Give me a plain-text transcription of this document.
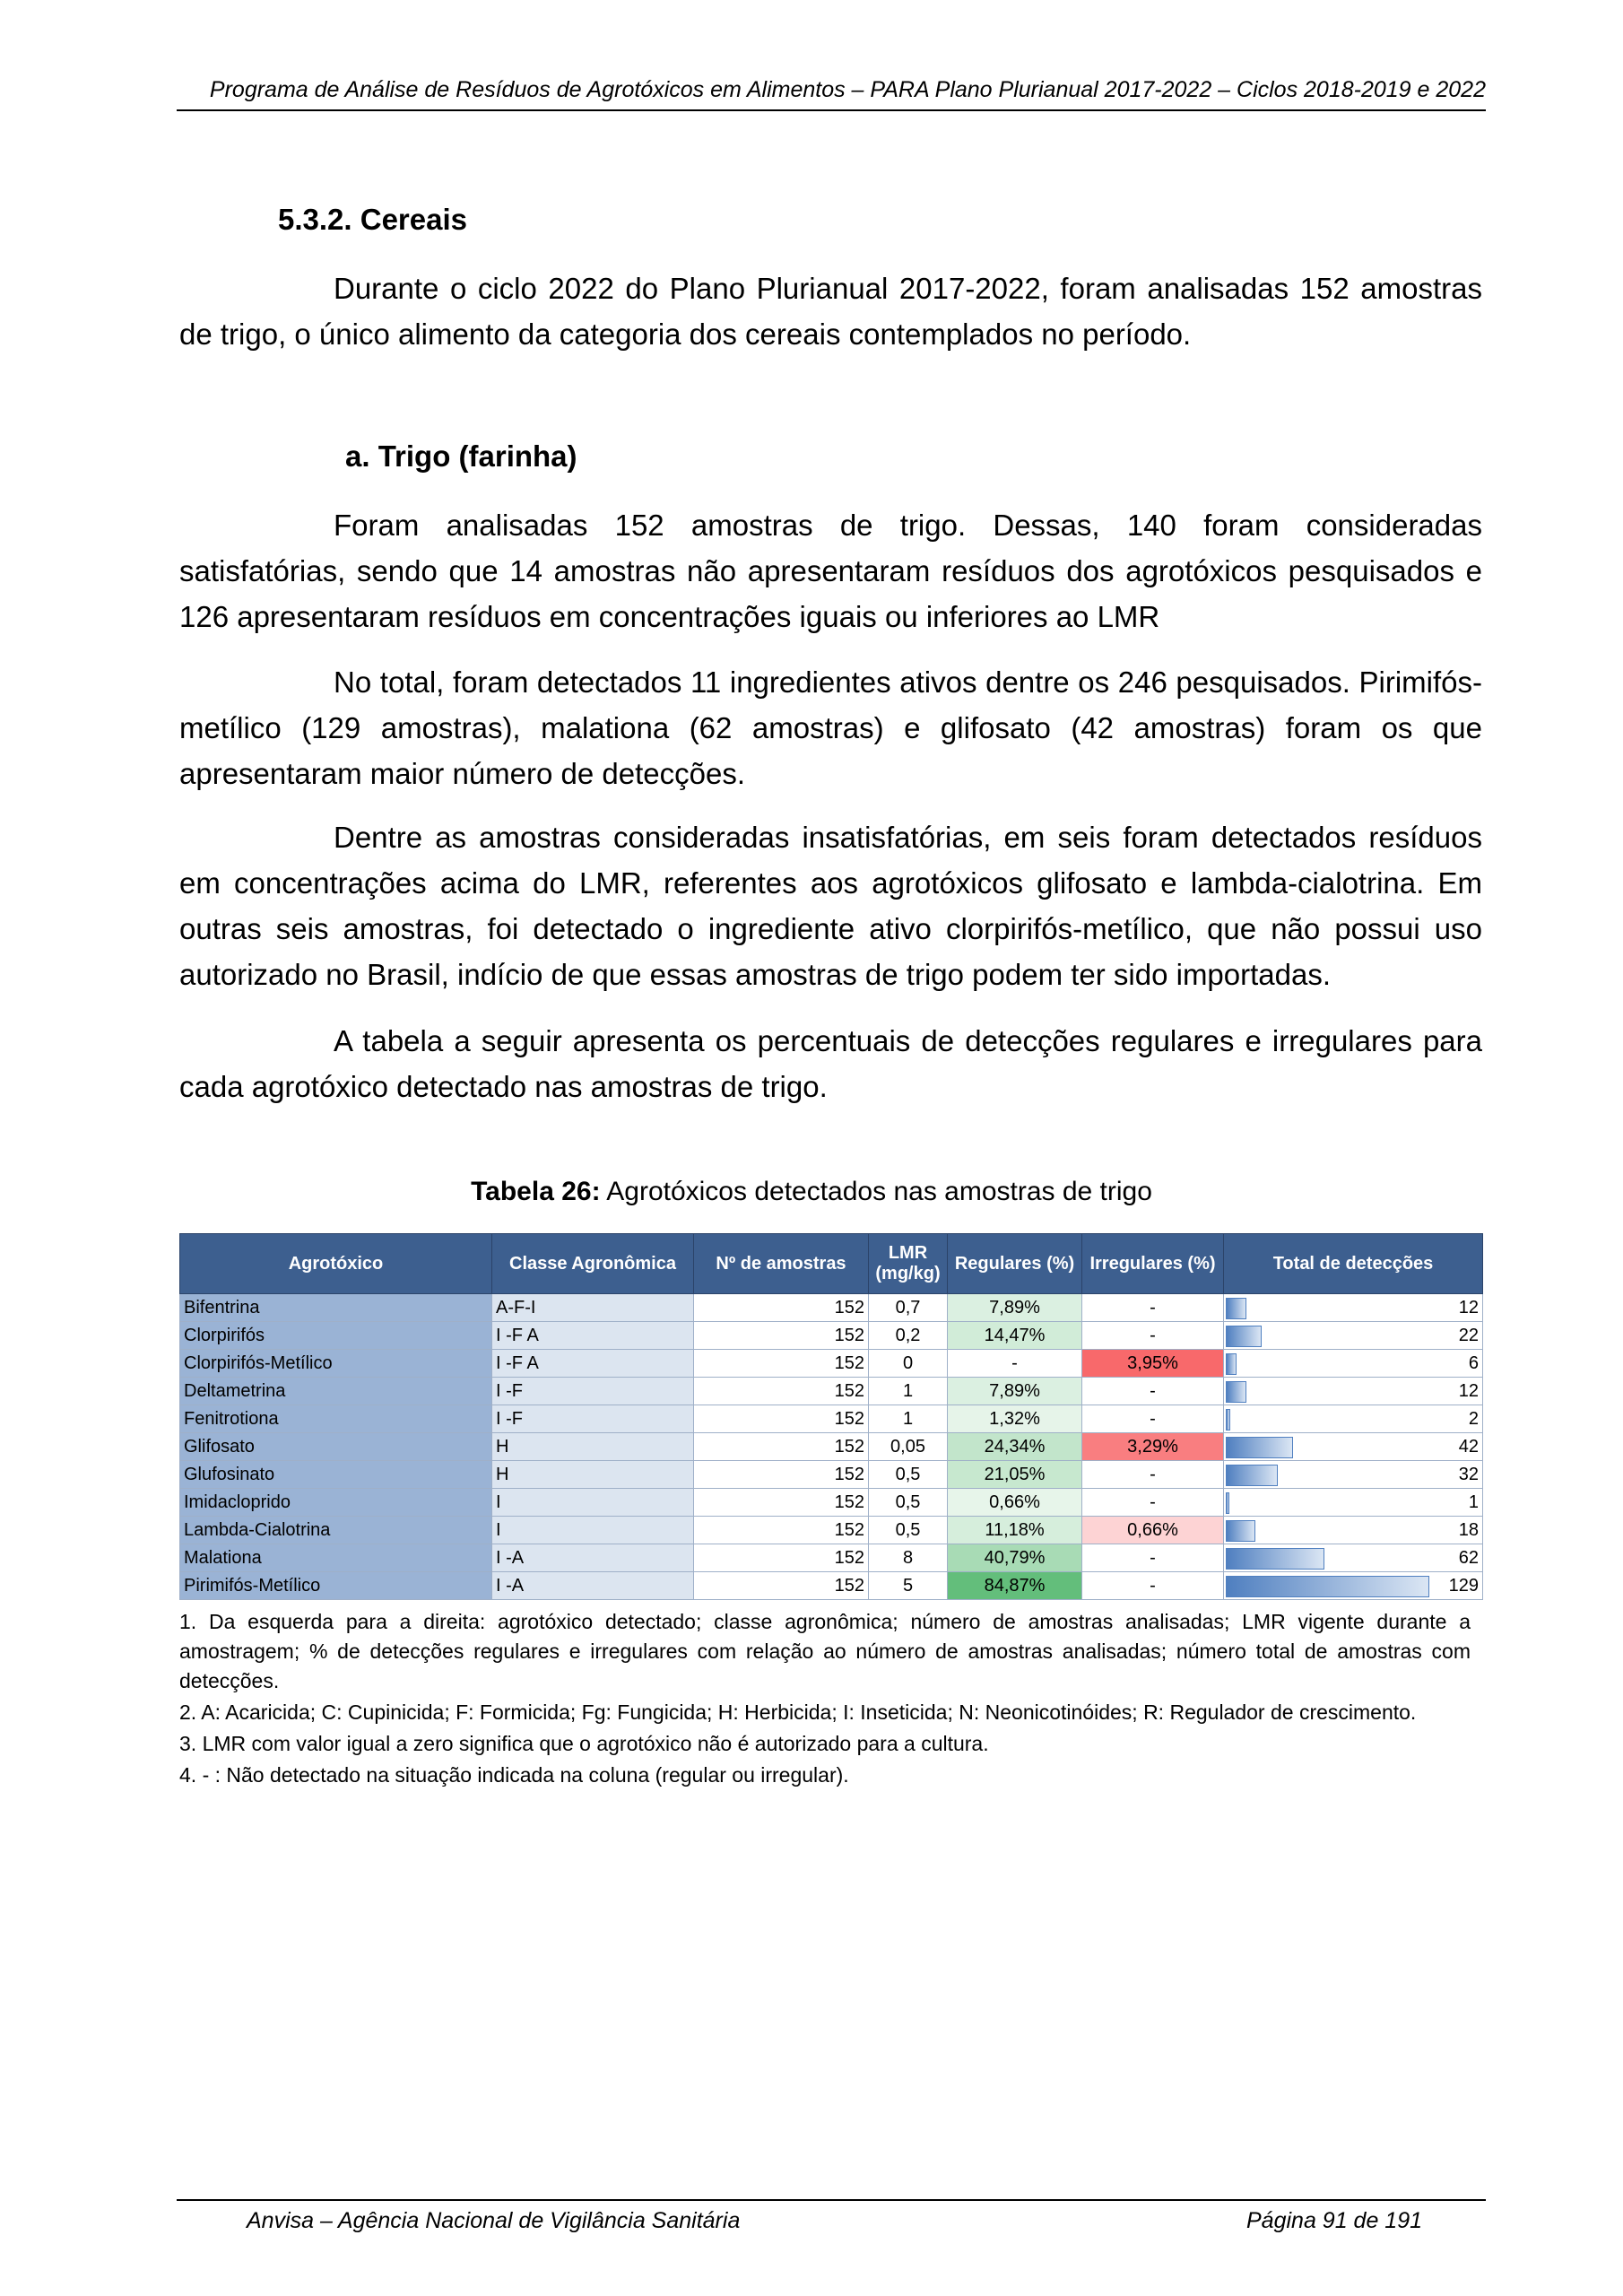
Programa de Análise de Resíduos de Agrotóxicos em Alimentos – PARA Plano Plurianual 2017-2022 – Ciclos 2018-2019 e 2022
5.3.2. Cereais
Durante o ciclo 2022 do Plano Plurianual 2017-2022, foram analisadas 152 amostras de trigo, o único alimento da categoria dos cereais contemplados no período.
a. Trigo (farinha)
Foram analisadas 152 amostras de trigo. Dessas, 140 foram consideradas satisfatórias, sendo que 14 amostras não apresentaram resíduos dos agrotóxicos pesquisados e 126 apresentaram resíduos em concentrações iguais ou inferiores ao LMR
No total, foram detectados 11 ingredientes ativos dentre os 246 pesquisados. Pirimifós-metílico (129 amostras), malationa (62 amostras) e glifosato (42 amostras) foram os que apresentaram maior número de detecções.
Dentre as amostras consideradas insatisfatórias, em seis foram detectados resíduos em concentrações acima do LMR, referentes aos agrotóxicos glifosato e lambda-cialotrina. Em outras seis amostras, foi detectado o ingrediente ativo clorpirifós-metílico, que não possui uso autorizado no Brasil, indício de que essas amostras de trigo podem ter sido importadas.
A tabela a seguir apresenta os percentuais de detecções regulares e irregulares para cada agrotóxico detectado nas amostras de trigo.
Tabela 26: Agrotóxicos detectados nas amostras de trigo
Agrotóxico	Classe Agronômica	Nº de amostras	LMR
(mg/kg)	Regulares (%)	Irregulares (%)	Total de detecções
Bifentrina	A-F-I	152	0,7	7,89%	-	12
Clorpirifós	I -F A	152	0,2	14,47%	-	22
Clorpirifós-Metílico	I -F A	152	0	-	3,95%	6
Deltametrina	I -F	152	1	7,89%	-	12
Fenitrotiona	I -F	152	1	1,32%	-	2
Glifosato	H	152	0,05	24,34%	3,29%	42
Glufosinato	H	152	0,5	21,05%	-	32
Imidacloprido	I	152	0,5	0,66%	-	1
Lambda-Cialotrina	I	152	0,5	11,18%	0,66%	18
Malationa	I -A	152	8	40,79%	-	62
Pirimifós-Metílico	I -A	152	5	84,87%	-	129

1. Da esquerda para a direita: agrotóxico detectado; classe agronômica; número de amostras analisadas; LMR vigente durante a amostragem; % de detecções regulares e irregulares com relação ao número de amostras analisadas; número total de amostras com detecções.

2. A: Acaricida; C: Cupinicida; F: Formicida; Fg: Fungicida; H: Herbicida; I: Inseticida; N: Neonicotinóides; R: Regulador de crescimento.

3. LMR com valor igual a zero significa que o agrotóxico não é autorizado para a cultura.

4. - : Não detectado na situação indicada na coluna (regular ou irregular).

Anvisa – Agência Nacional de Vigilância Sanitária	Página 91 de 191
